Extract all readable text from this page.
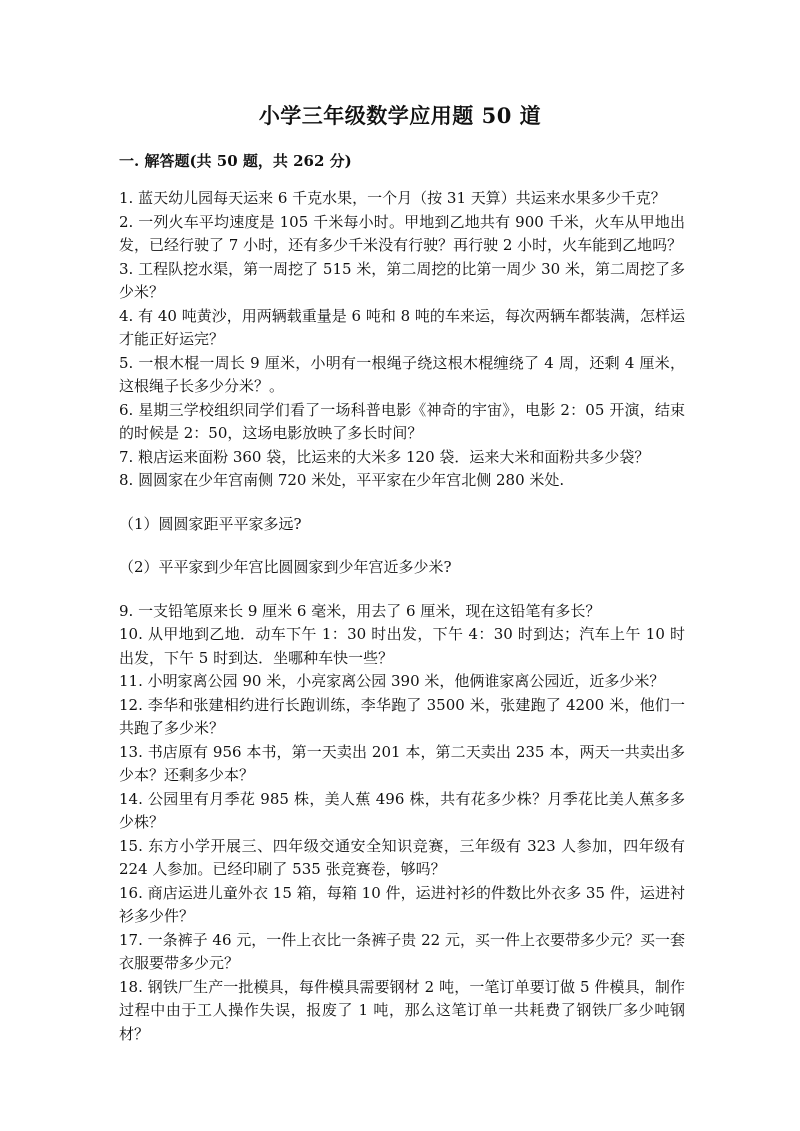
小学三年级数学应用题 50 道
一. 解答题(共 50 题，共 262 分)

1. 蓝天幼儿园每天运来 6 千克水果，一个月（按 31 天算）共运来水果多少千克？

2. 一列火车平均速度是 105 千米每小时。甲地到乙地共有 900 千米，火车从甲地出发，已经行驶了 7 小时，还有多少千米没有行驶？再行驶 2 小时，火车能到乙地吗？

3. 工程队挖水渠，第一周挖了 515 米，第二周挖的比第一周少 30 米，第二周挖了多少米？

4. 有 40 吨黄沙，用两辆载重量是 6 吨和 8 吨的车来运，每次两辆车都装满，怎样运才能正好运完？

5. 一根木棍一周长 9 厘米，小明有一根绳子绕这根木棍缠绕了 4 周，还剩 4 厘米，这根绳子长多少分米？。

6. 星期三学校组织同学们看了一场科普电影《神奇的宇宙》，电影 2：05 开演，结束的时候是 2：50，这场电影放映了多长时间？

7. 粮店运来面粉 360 袋，比运来的大米多 120 袋．运来大米和面粉共多少袋？

8. 圆圆家在少年宫南侧 720 米处，平平家在少年宫北侧 280 米处.

（1）圆圆家距平平家多远?

（2）平平家到少年宫比圆圆家到少年宫近多少米?

9. 一支铅笔原来长 9 厘米 6 毫米，用去了 6 厘米，现在这铅笔有多长？

10. 从甲地到乙地．动车下午 1：30 时出发，下午 4：30 时到达；汽车上午 10 时出发，下午 5 时到达．坐哪种车快一些？

11. 小明家离公园 90 米，小亮家离公园 390 米，他俩谁家离公园近，近多少米？

12. 李华和张建相约进行长跑训练，李华跑了 3500 米，张建跑了 4200 米，他们一共跑了多少米？

13. 书店原有 956 本书，第一天卖出 201 本，第二天卖出 235 本，两天一共卖出多少本？还剩多少本？

14. 公园里有月季花 985 株，美人蕉 496 株，共有花多少株？月季花比美人蕉多多少株？

15. 东方小学开展三、四年级交通安全知识竞赛，三年级有 323 人参加，四年级有 224 人参加。已经印刷了 535 张竞赛卷，够吗？

16. 商店运进儿童外衣 15 箱，每箱 10 件，运进衬衫的件数比外衣多 35 件，运进衬衫多少件？

17. 一条裤子 46 元，一件上衣比一条裤子贵 22 元，买一件上衣要带多少元？买一套衣服要带多少元？

18. 钢铁厂生产一批模具，每件模具需要钢材 2 吨，一笔订单要订做 5 件模具，制作过程中由于工人操作失误，报废了 1 吨，那么这笔订单一共耗费了钢铁厂多少吨钢材？
